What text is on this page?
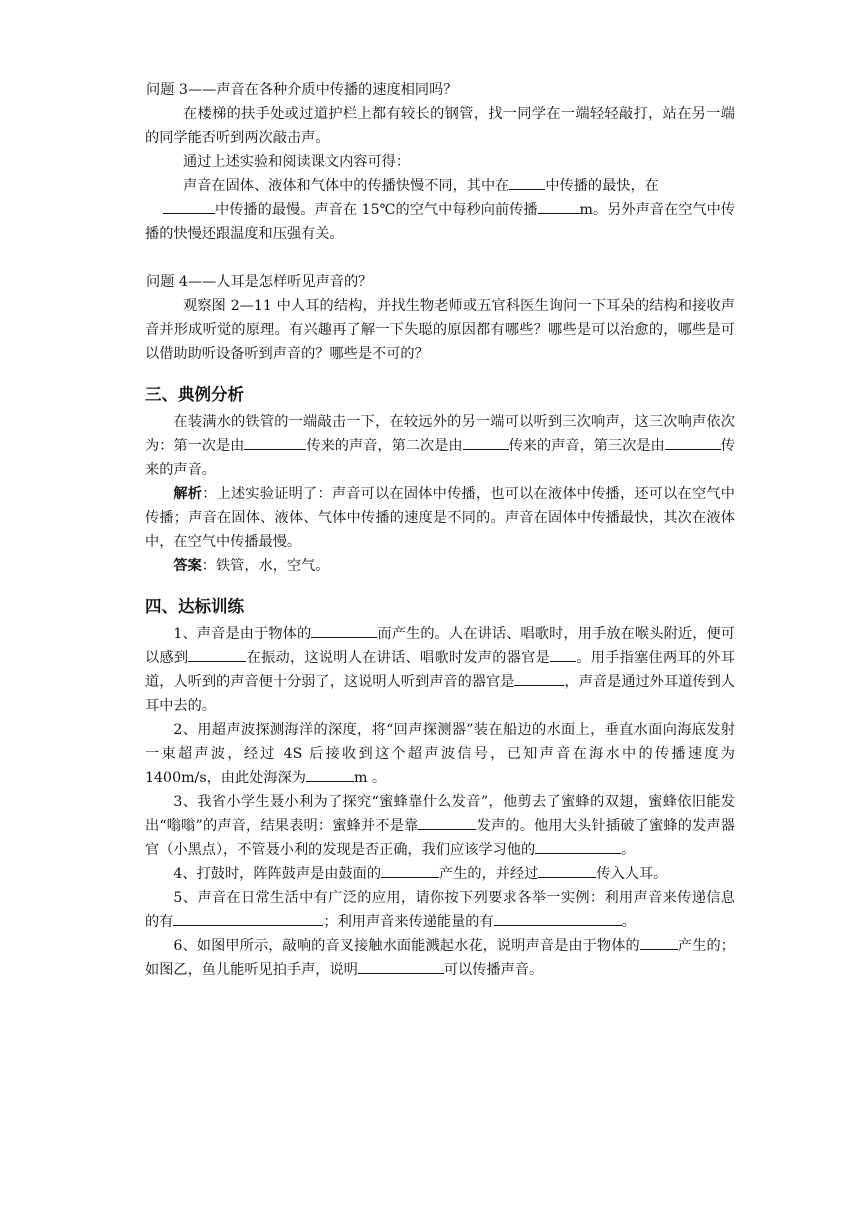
问题 3——声音在各种介质中传播的速度相同吗？

在楼梯的扶手处或过道护栏上都有较长的钢管，找一同学在一端轻轻敲打，站在另一端的同学能否听到两次敲击声。

通过上述实验和阅读课文内容可得：

声音在固体、液体和气体中的传播快慢不同，其中在	中传播的最快，在
中传播的最慢。声音在 15℃的空气中每秒向前传播	m。另外声音在空气中传播的快慢还跟温度和压强有关。

问题 4——人耳是怎样听见声音的？

观察图 2—11 中人耳的结构，并找生物老师或五官科医生询问一下耳朵的结构和接收声音并形成听觉的原理。有兴趣再了解一下失聪的原因都有哪些？哪些是可以治愈的，哪些是可以借助助听设备听到声音的？哪些是不可的？

三、典例分析

在装满水的铁管的一端敲击一下，在较远外的另一端可以听到三次响声，这三次响声依次为：第一次是由	传来的声音，第二次是由	传来的声音，第三次是由	传来的声音。

解析：上述实验证明了：声音可以在固体中传播，也可以在液体中传播，还可以在空气中传播；声音在固体、液体、气体中传播的速度是不同的。声音在固体中传播最快，其次在液体中，在空气中传播最慢。

答案：铁管，水，空气。

四、达标训练

1、声音是由于物体的	而产生的。人在讲话、唱歌时，用手放在喉头附近，便可以感到	在振动，这说明人在讲话、唱歌时发声的器官是 。用手指塞住两耳的外耳道，人听到的声音便十分弱了，这说明人听到声音的器官是	，声音是通过外耳道传到人耳中去的。

2、用超声波探测海洋的深度，将“回声探测器”装在船边的水面上，垂直水面向海底发射一束超声波，经过 4S 后接收到这个超声波信号，已知声音在海水中的传播速度为 1400m/s，由此处海深为	m 。

3、我省小学生聂小利为了探究“蜜蜂靠什么发音”，他剪去了蜜蜂的双翅，蜜蜂依旧能发出“嗡嗡”的声音，结果表明：蜜蜂并不是靠	发声的。他用大头针插破了蜜蜂的发声器官（小黑点），不管聂小利的发现是否正确，我们应该学习他的	。

4、打鼓时，阵阵鼓声是由鼓面的	产生的，并经过	传入人耳。

5、声音在日常生活中有广泛的应用，请你按下列要求各举一实例：利用声音来传递信息的有	；利用声音来传递能量的有	。

6、如图甲所示，敲响的音叉接触水面能溅起水花，说明声音是由于物体的	产生的；如图乙，鱼儿能听见拍手声，说明	可以传播声音。
